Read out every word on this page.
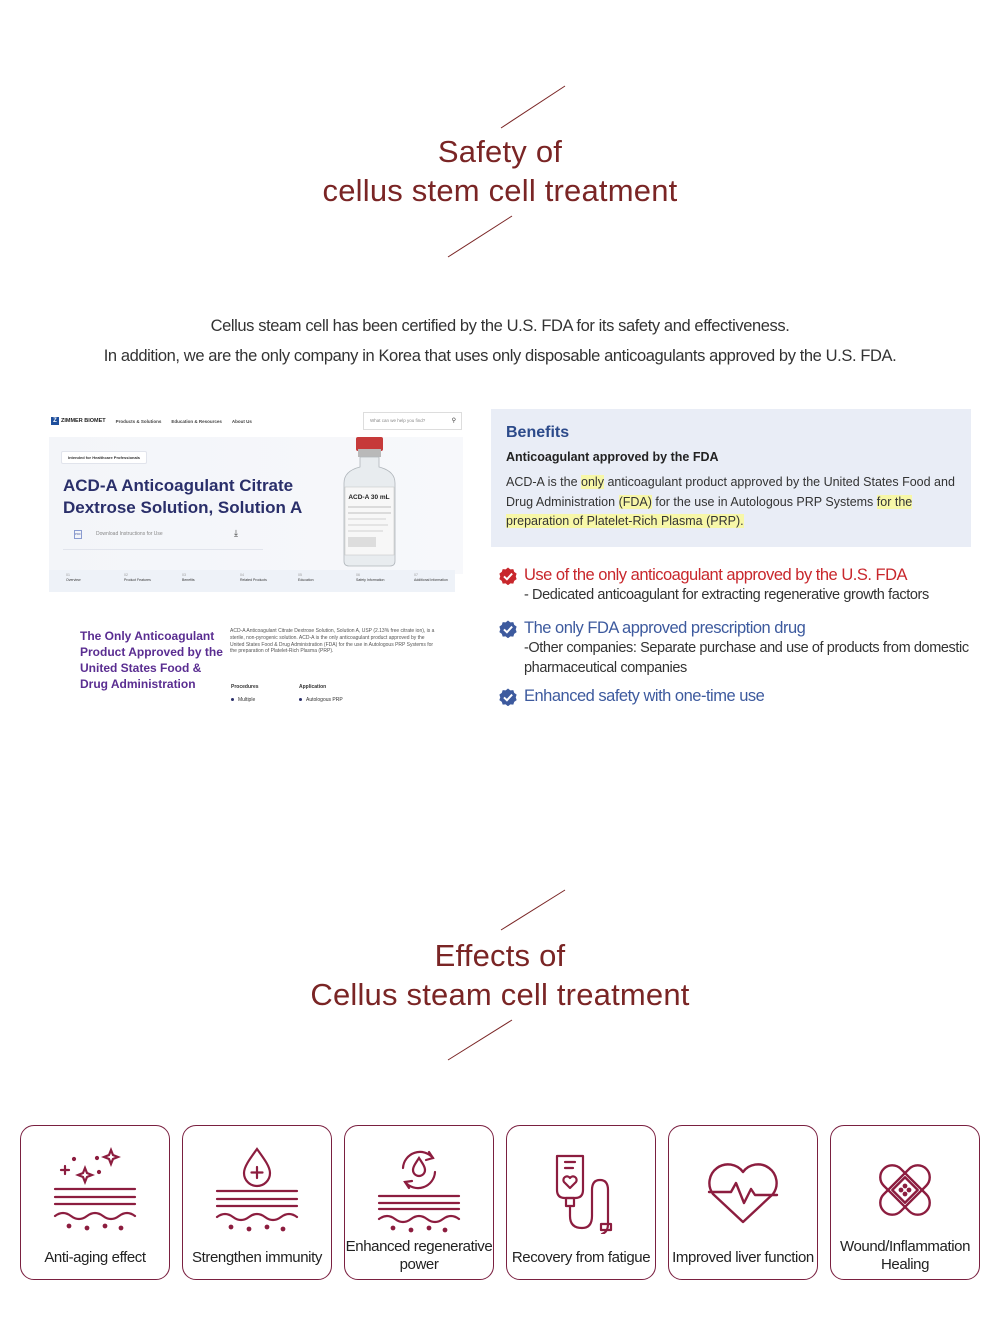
Safety of
cellus stem cell treatment
Cellus steam cell has been certified by the U.S. FDA for its safety and effectiveness.
In addition, we are the only company in Korea that uses only disposable anticoagulants approved by the U.S. FDA.
Z ZIMMER BIOMET Products & Solutions Education & Resources About Us	What can we help you find?	⚲
Intended for Healthcare Professionals
ACD-A Anticoagulant Citrate Dextrose Solution, Solution A
PDF	Download Instructions for Use	⤓
ACD-A 30 mL
01
Overview
02
Product Features
03
Benefits
04
Related Products
05
Education
06
Safety Information
07
Additional Information
The Only Anticoagulant Product Approved by the United States Food & Drug Administration
ACD-A Anticoagulant Citrate Dextrose Solution, Solution A, USP (2.13% free citrate ion), is a sterile, non-pyrogenic solution. ACD-A is the only anticoagulant product approved by the United States Food & Drug Administration (FDA) for the use in Autologous PRP Systems for the preparation of Platelet-Rich Plasma (PRP).
Procedures
Multiple
Application
Autologous PRP
Benefits
Anticoagulant approved by the FDA
ACD-A is the only anticoagulant product approved by the United States Food and Drug Administration (FDA) for the use in Autologous PRP Systems for the preparation of Platelet-Rich Plasma (PRP).
Use of the only anticoagulant approved by the U.S. FDA
- Dedicated anticoagulant for extracting regenerative growth factors
The only FDA approved prescription drug
-Other companies: Separate purchase and use of products from domestic pharmaceutical companies
Enhanced safety with one-time use
Effects of
Cellus steam cell treatment
Anti-aging effect	Strengthen immunity
Enhanced regenerative power	Recovery from fatigue	Improved liver function
Wound/Inflammation Healing
